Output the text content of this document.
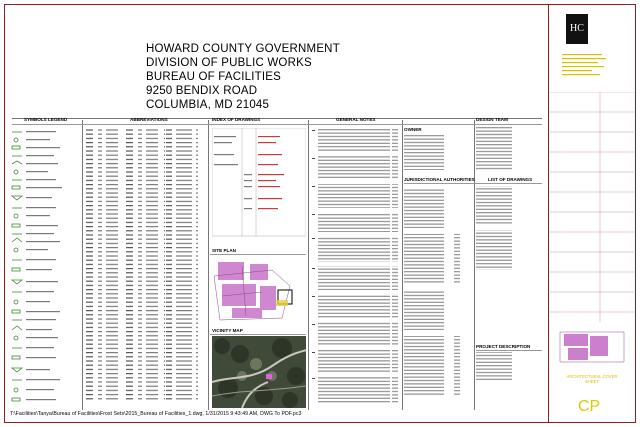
HOWARD COUNTY GOVERNMENT
DIVISION OF PUBLIC WORKS
BUREAU OF FACILITIES
9250 BENDIX ROAD
COLUMBIA, MD 21045
SYMBOLS LEGEND	ABBREVIATIONS	INDEX OF DRAWINGS	GENERAL NOTES
OWNER
DESIGN TEAM
JURISDICTIONAL AUTHORITIES	LIST OF DRAWINGS
SITE PLAN
VICINITY MAP
PROJECT DESCRIPTION
HC
ARCHITECTURAL COVER SHEET
CP
T:\Facilities\Tanya\Bureau of Facilities\Frost Sets\2015_Bureau of Facilities_1.dwg, 1/31/2015 9:43:49 AM, DWG To PDF.pc3
